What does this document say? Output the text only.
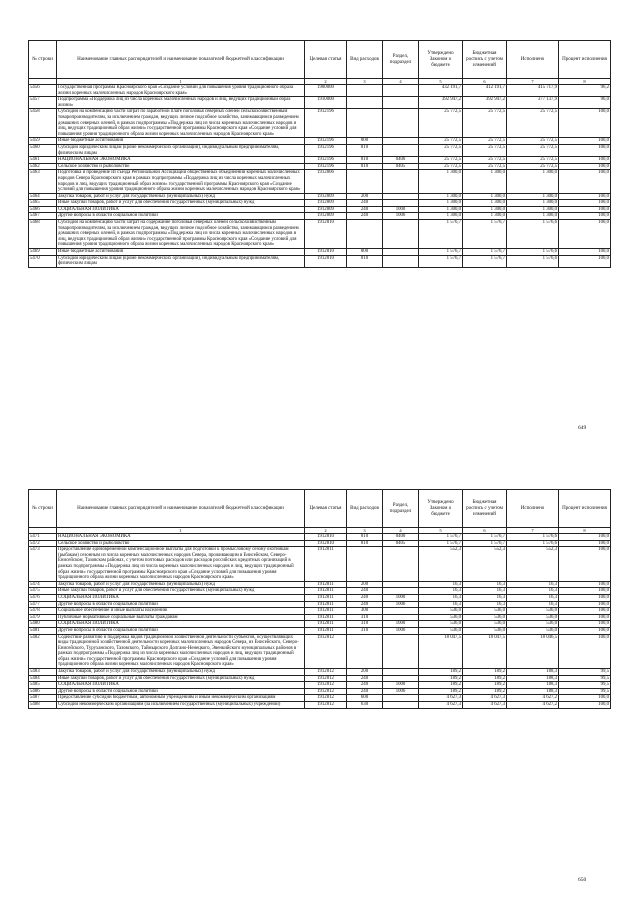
№ строки	Наименование главных распорядителей и наименование показателей бюджетной классификации	Целевая статья	Вид расходов	Раздел, подраздел	Утверждено Законом о бюджете	Бюджетная роспись с учетом изменений	Исполнено	Процент исполнения
	1	2	3	4	5	6	7	8
5456	Государственная программа Красноярского края «Создание условий для повышения уровня традиционного образа жизни коренных малочисленных народов Красноярского края»	1900000			432 191,7	412 191,7	415 717,9	96,2
5457	Подпрограмма «Поддержка лиц из числа коренных малочисленных народов и лиц, ведущих традиционный образ жизни»	1910000			392 947,2	392 947,2	377 137,9	96,0
5458	Субсидии на компенсацию части затрат по заработной плате поголовья северных оленей сельскохозяйственным товаропроизводителям, за исключением граждан, ведущих личное подсобное хозяйство, занимающимся разведением домашних северных оленей, в рамках подпрограммы «Поддержка лиц из числа коренных малочисленных народов и лиц, ведущих традиционный образ жизни» государственной программы Красноярского края «Создание условий для повышения уровня традиционного образа жизни коренных малочисленных народов Красноярского края»	1912196			25 772,5	25 772,5	25 772,5	100,0
5459	Иные бюджетные ассигнования	1912196	800		25 772,5	25 772,5	25 772,5	100,0
5460	Субсидии юридическим лицам (кроме некоммерческих организаций), индивидуальным предпринимателям, физическим лицам	1912196	810		25 772,5	25 772,5	25 772,5	100,0
5461	НАЦИОНАЛЬНАЯ ЭКОНОМИКА	1912196	810	0400	25 772,5	25 772,5	25 772,5	100,0
5462	Сельское хозяйство и рыболовство	1912196	810	0405	25 772,5	25 772,5	25 772,5	100,0
5463	Подготовка и проведение III съезда Региональной Ассоциации общественных объединений коренных малочисленных народов Севера Красноярского края в рамках подпрограммы «Поддержка лиц из числа коренных малочисленных народов и лиц, ведущих традиционный образ жизни» государственной программы Красноярского края «Создание условий для повышения уровня традиционного образа жизни коренных малочисленных народов Красноярского края»	1912806			1 300,0	1 300,0	1 300,0	100,0
5464	Закупка товаров, работ и услуг для государственных (муниципальных) нужд	1912809	200		1 300,0	1 300,0	1 300,0	100,0
5465	Иные закупки товаров, работ и услуг для обеспечения государственных (муниципальных) нужд	1912809	240		1 300,0	1 300,0	1 300,0	100,0
5466	СОЦИАЛЬНАЯ ПОЛИТИКА	1912809	240	1000	1 300,0	1 300,0	1 300,0	100,0
5467	Другие вопросы в области социальной политики	1912809	240	1006	1 300,0	1 300,0	1 300,0	100,0
5468	Субсидии на компенсацию части затрат на содержание поголовья северных оленей сельскохозяйственным товаропроизводителям, за исключением граждан, ведущих личное подсобное хозяйство, занимающимся разведением домашних северных оленей, в рамках подпрограммы «Поддержка лиц из числа коренных малочисленных народов и лиц, ведущих традиционный образ жизни» государственной программы Красноярского края «Создание условий для повышения уровня традиционного образа жизни коренных малочисленных народов Красноярского края»	1912810			1 576,7	1 576,7	1 576,6	100,0
5469	Иные бюджетные ассигнования	1912810	800		1 576,7	1 576,7	1 576,6	100,0
5470	Субсидии юридическим лицам (кроме некоммерческих организаций), индивидуальным предпринимателям, физическим лицам	1912810	810		1 576,7	1 576,7	1 576,6	100,0
649
№ строки	Наименование главных распорядителей и наименование показателей бюджетной классификации	Целевая статья	Вид расходов	Раздел, подраздел	Утверждено Законом о бюджете	Бюджетная роспись с учетом изменений	Исполнено	Процент исполнения
	1	2	3	4	5	6	7	8
5471	НАЦИОНАЛЬНАЯ ЭКОНОМИКА	1912810	810	0400	1 576,7	1 576,7	1 576,6	100,0
5472	Сельское хозяйство и рыболовство	1912810	810	0405	1 576,7	1 576,7	1 576,6	100,0
5473	Предоставление единовременной компенсационной выплаты для подготовки к промысловому сезону охотникам (рыбакам) сезонным из числа коренных малочисленных народов Севера, проживающим в Енисейском, Северо-Енисейском, Тазовском районах, с учетом почтовых расходов или расходов российских кредитных организаций в рамках подпрограммы «Поддержка лиц из числа коренных малочисленных народов и лиц, ведущих традиционный образ жизни» государственной программы Красноярского края «Создание условий для повышения уровня традиционного образа жизни коренных малочисленных народов Красноярского края»	1912811			552,3	552,3	552,3	100,0
5474	Закупка товаров, работ и услуг для государственных (муниципальных) нужд	1912811	200		16,3	16,3	16,3	100,0
5475	Иные закупки товаров, работ и услуг для обеспечения государственных (муниципальных) нужд	1912811	240		16,3	16,3	16,3	100,0
5476	СОЦИАЛЬНАЯ ПОЛИТИКА	1912811	240	1000	16,3	16,3	16,3	100,0
5477	Другие вопросы в области социальной политики	1912811	240	1006	16,3	16,3	16,3	100,0
5478	Социальное обеспечение и иные выплаты населению	1912811	300		536,0	536,0	536,0	100,0
5479	Публичные нормативные социальные выплаты гражданам	1912811	310		536,0	536,0	536,0	100,0
5480	СОЦИАЛЬНАЯ ПОЛИТИКА	1912811	310	1000	536,0	536,0	536,0	100,0
5481	Другие вопросы в области социальной политики	1912811	310	1006	536,0	536,0	536,0	100,0
5482	Содействие развитию и поддержка видов традиционной хозяйственной деятельности субъектов, осуществляющих виды традиционной хозяйственной деятельности коренных малочисленных народов Севера, из Енисейского, Северо-Енисейского, Туруханского, Тазовского, Таймырского Долгано-Ненецкого, Эвенкийского муниципальных районов в рамках подпрограммы «Поддержка лиц из числа коренных малочисленных народов и лиц, ведущих традиционный образ жизни» государственной программы Красноярского края «Создание условий для повышения уровня традиционного образа жизни коренных малочисленных народов Красноярского края»	1912812			18 047,5	18 047,5	18 046,5	100,0
5483	Закупка товаров, работ и услуг для государственных (муниципальных) нужд	1912812	200		189,2	189,2	188,3	99,5
5484	Иные закупки товаров, работ и услуг для обеспечения государственных (муниципальных) нужд	1912812	240		189,2	189,2	188,3	99,5
5485	СОЦИАЛЬНАЯ ПОЛИТИКА	1912812	240	1000	189,2	189,2	188,3	99,5
5486	Другие вопросы в области социальной политики	1912812	240	1006	189,2	189,2	188,3	99,5
5487	Предоставление субсидий бюджетным, автономным учреждениям и иным некоммерческим организациям	1912812	600		4 627,3	4 627,3	4 627,2	100,0
5488	Субсидии некоммерческим организациям (за исключением государственных (муниципальных) учреждений)	1912812	630		4 627,3	4 627,3	4 627,2	100,0
650
